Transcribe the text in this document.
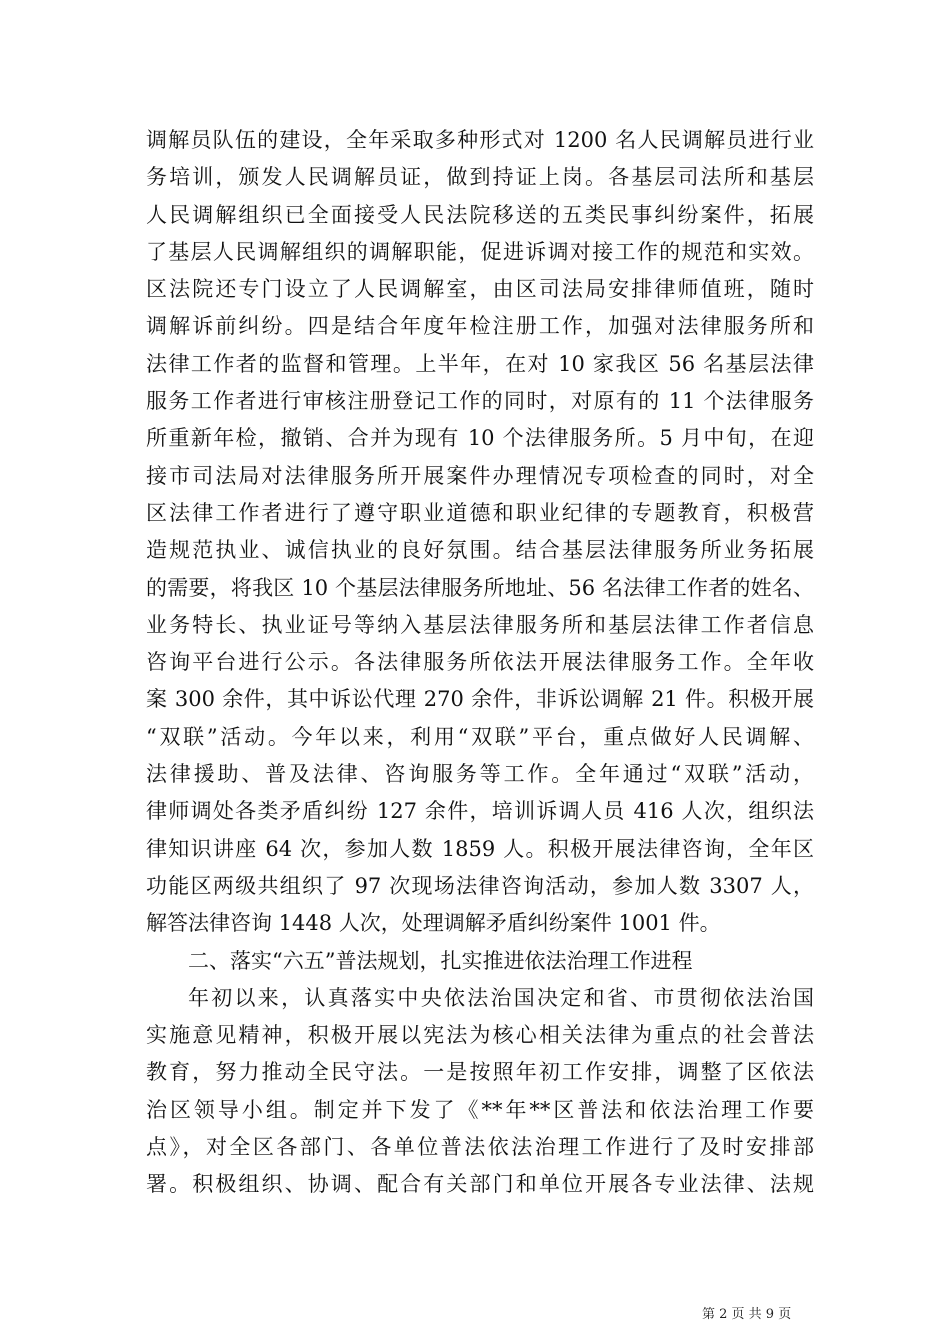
调解员队伍的建设，全年采取多种形式对 1200 名人民调解员进行业
务培训，颁发人民调解员证，做到持证上岗。各基层司法所和基层
人民调解组织已全面接受人民法院移送的五类民事纠纷案件，拓展
了基层人民调解组织的调解职能，促进诉调对接工作的规范和实效。
区法院还专门设立了人民调解室，由区司法局安排律师值班，随时
调解诉前纠纷。四是结合年度年检注册工作，加强对法律服务所和
法律工作者的监督和管理。上半年，在对 10 家我区 56 名基层法律
服务工作者进行审核注册登记工作的同时，对原有的 11 个法律服务
所重新年检，撤销、合并为现有 10 个法律服务所。5 月中旬，在迎
接市司法局对法律服务所开展案件办理情况专项检查的同时，对全
区法律工作者进行了遵守职业道德和职业纪律的专题教育，积极营
造规范执业、诚信执业的良好氛围。结合基层法律服务所业务拓展
的需要，将我区 10 个基层法律服务所地址、56 名法律工作者的姓名、
业务特长、执业证号等纳入基层法律服务所和基层法律工作者信息
咨询平台进行公示。各法律服务所依法开展法律服务工作。全年收
案 300 余件，其中诉讼代理 270 余件，非诉讼调解 21 件。积极开展
“双联”活动。今年以来，利用“双联”平台，重点做好人民调解、
法律援助、普及法律、咨询服务等工作。全年通过“双联”活动，
律师调处各类矛盾纠纷 127 余件，培训诉调人员 416 人次，组织法
律知识讲座 64 次，参加人数 1859 人。积极开展法律咨询，全年区
功能区两级共组织了 97 次现场法律咨询活动，参加人数 3307 人，
解答法律咨询 1448 人次，处理调解矛盾纠纷案件 1001 件。
二、落实“六五”普法规划，扎实推进依法治理工作进程
年初以来，认真落实中央依法治国决定和省、市贯彻依法治国
实施意见精神，积极开展以宪法为核心相关法律为重点的社会普法
教育，努力推动全民守法。一是按照年初工作安排，调整了区依法
治区领导小组。制定并下发了《**年**区普法和依法治理工作要
点》，对全区各部门、各单位普法依法治理工作进行了及时安排部
署。积极组织、协调、配合有关部门和单位开展各专业法律、法规
第 2 页 共 9 页
